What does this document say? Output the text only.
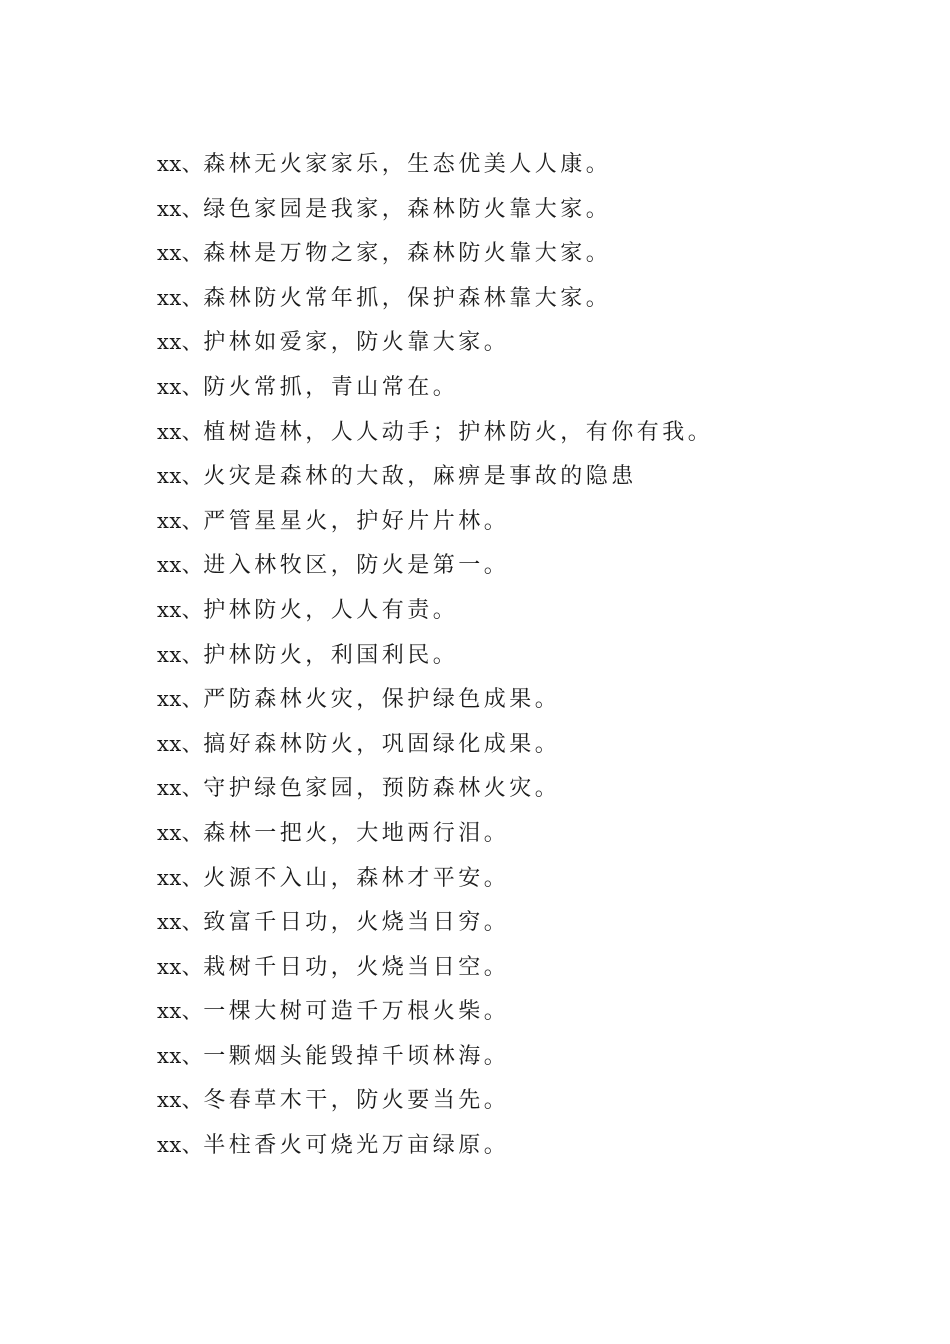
xx、森林无火家家乐，生态优美人人康。
xx、绿色家园是我家，森林防火靠大家。
xx、森林是万物之家，森林防火靠大家。
xx、森林防火常年抓，保护森林靠大家。
xx、护林如爱家，防火靠大家。
xx、防火常抓，青山常在。
xx、植树造林，人人动手；护林防火，有你有我。
xx、火灾是森林的大敌，麻痹是事故的隐患
xx、严管星星火，护好片片林。
xx、进入林牧区，防火是第一。
xx、护林防火，人人有责。
xx、护林防火，利国利民。
xx、严防森林火灾，保护绿色成果。
xx、搞好森林防火，巩固绿化成果。
xx、守护绿色家园，预防森林火灾。
xx、森林一把火，大地两行泪。
xx、火源不入山，森林才平安。
xx、致富千日功，火烧当日穷。
xx、栽树千日功，火烧当日空。
xx、一棵大树可造千万根火柴。
xx、一颗烟头能毁掉千顷林海。
xx、冬春草木干，防火要当先。
xx、半柱香火可烧光万亩绿原。
